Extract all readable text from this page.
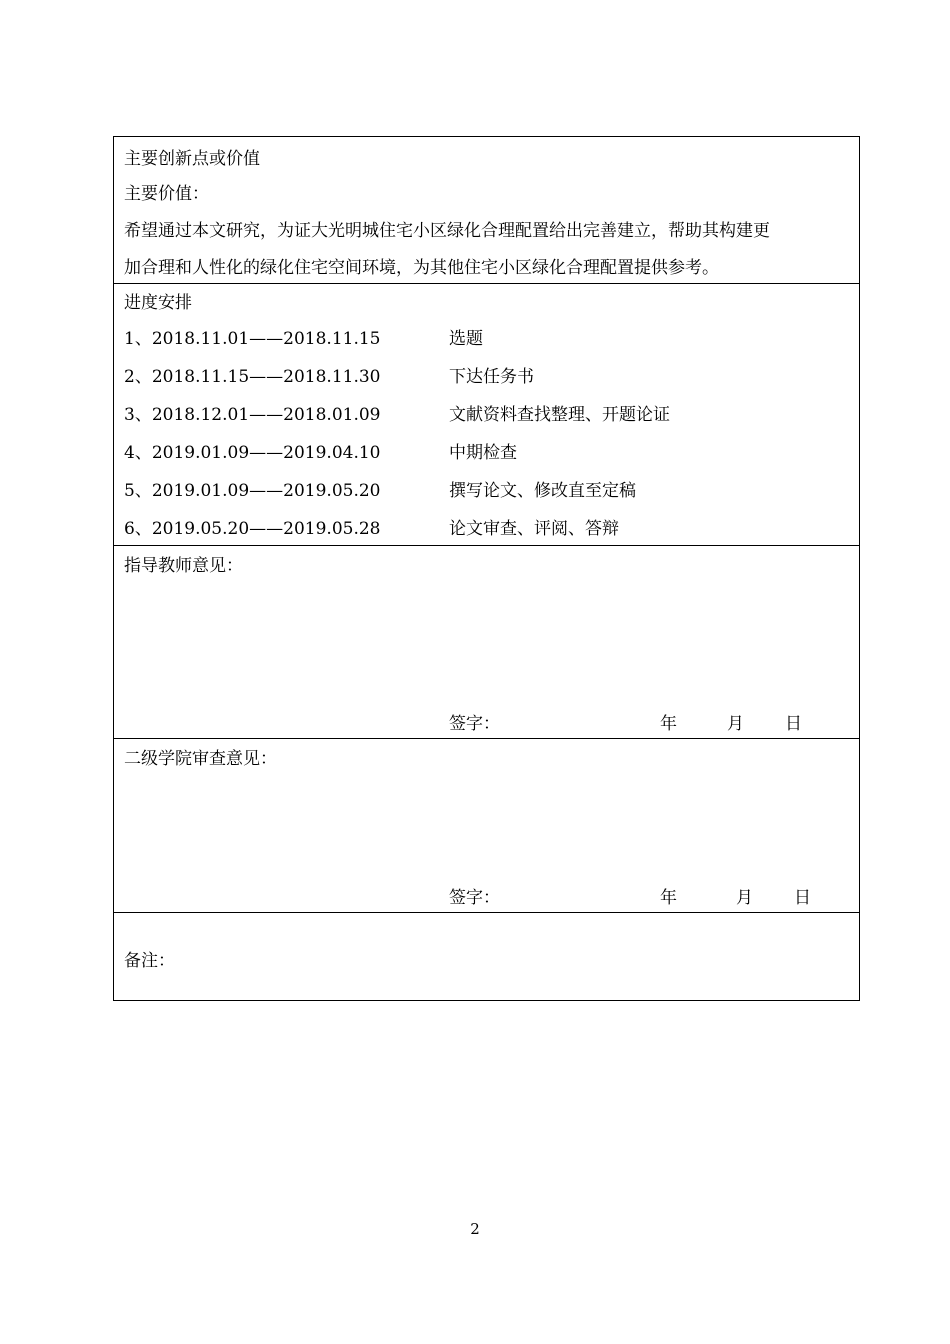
主要创新点或价值
主要价值：
希望通过本文研究，为证大光明城住宅小区绿化合理配置给出完善建立，帮助其构建更
加合理和人性化的绿化住宅空间环境，为其他住宅小区绿化合理配置提供参考。
进度安排
1、2018.11.01——2018.11.15	选题
2、2018.11.15——2018.11.30	下达任务书
3、2018.12.01——2018.01.09	文献资料查找整理、开题论证
4、2019.01.09——2019.04.10	中期检查
5、2019.01.09——2019.05.20	撰写论文、修改直至定稿
6、2019.05.20——2019.05.28	论文审查、评阅、答辩
指导教师意见：
签字：	年	月 日
二级学院审查意见：
签字：	年	月 日
备注：
2
